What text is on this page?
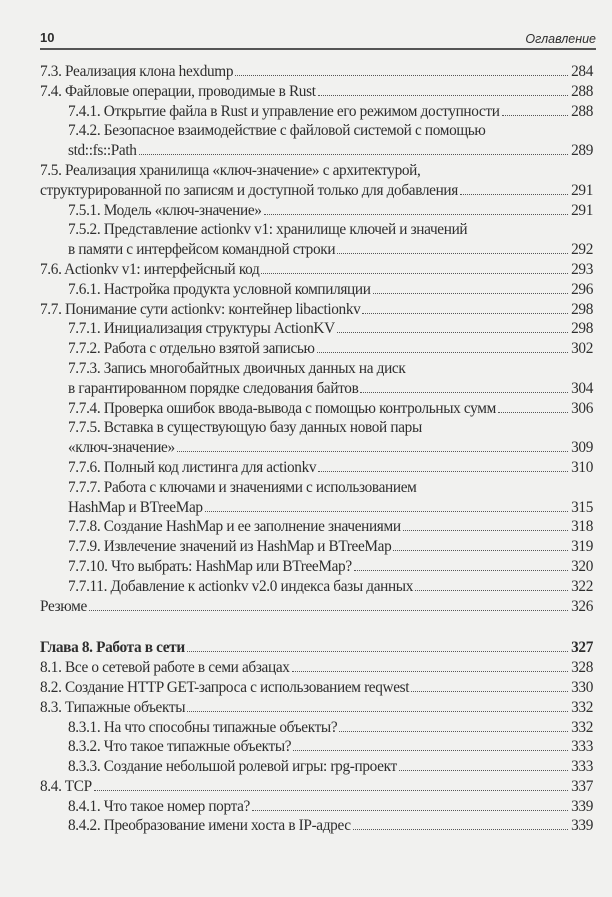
10	Оглавление
7.3. Реализация клона hexdump	284
7.4. Файловые операции, проводимые в Rust	288
7.4.1. Открытие файла в Rust и управление его режимом доступности	288
7.4.2. Безопасное взаимодействие с файловой системой с помощью
std::fs::Path	289
7.5. Реализация хранилища «ключ-значение» с архитектурой,
структурированной по записям и доступной только для добавления	291
7.5.1. Модель «ключ-значение»	291
7.5.2. Представление actionkv v1: хранилище ключей и значений
в памяти с интерфейсом командной строки	292
7.6. Actionkv v1: интерфейсный код	293
7.6.1. Настройка продукта условной компиляции	296
7.7. Понимание сути actionkv: контейнер libactionkv	298
7.7.1. Инициализация структуры ActionKV	298
7.7.2. Работа с отдельно взятой записью	302
7.7.3. Запись многобайтных двоичных данных на диск
в гарантированном порядке следования байтов	304
7.7.4. Проверка ошибок ввода-вывода с помощью контрольных сумм	306
7.7.5. Вставка в существующую базу данных новой пары
«ключ-значение»	309
7.7.6. Полный код листинга для actionkv	310
7.7.7. Работа с ключами и значениями с использованием
HashMap и BTreeMap	315
7.7.8. Создание HashMap и ее заполнение значениями	318
7.7.9. Извлечение значений из HashMap и BTreeMap	319
7.7.10. Что выбрать: HashMap или BTreeMap?	320
7.7.11. Добавление к actionkv v2.0 индекса базы данных	322
Резюме	326
Глава 8. Работа в сети	327
8.1. Все о сетевой работе в семи абзацах	328
8.2. Создание HTTP GET-запроса с использованием reqwest	330
8.3. Типажные объекты	332
8.3.1. На что способны типажные объекты?	332
8.3.2. Что такое типажные объекты?	333
8.3.3. Создание небольшой ролевой игры: rpg-проект	333
8.4. TCP	337
8.4.1. Что такое номер порта?	339
8.4.2. Преобразование имени хоста в IP-адрес	339
